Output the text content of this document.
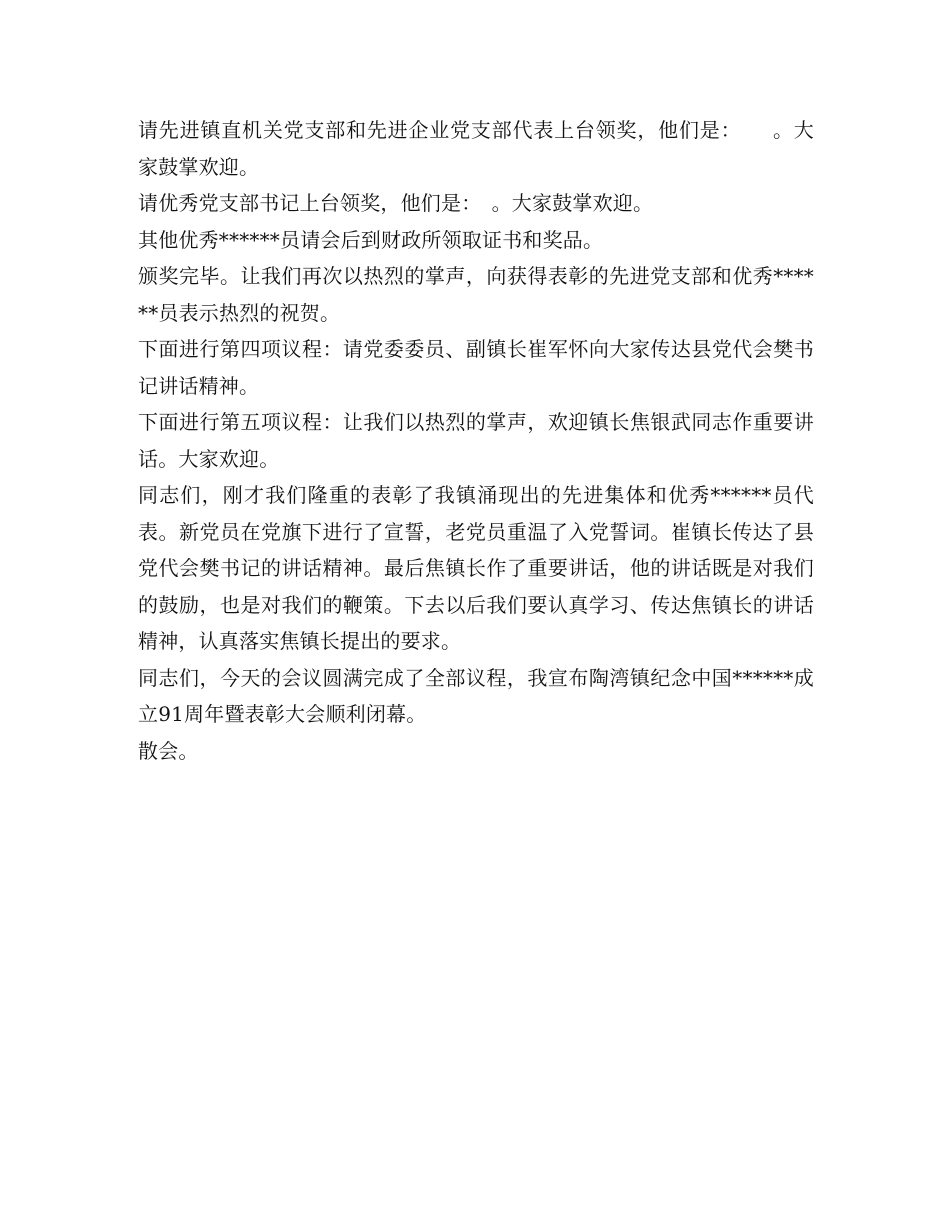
请先进镇直机关党支部和先进企业党支部代表上台领奖，他们是：　　。大家鼓掌欢迎。

请优秀党支部书记上台领奖，他们是：　。大家鼓掌欢迎。

其他优秀******员请会后到财政所领取证书和奖品。

颁奖完毕。让我们再次以热烈的掌声，向获得表彰的先进党支部和优秀******员表示热烈的祝贺。

下面进行第四项议程：请党委委员、副镇长崔军怀向大家传达县党代会樊书记讲话精神。

下面进行第五项议程：让我们以热烈的掌声，欢迎镇长焦银武同志作重要讲话。大家欢迎。

同志们，刚才我们隆重的表彰了我镇涌现出的先进集体和优秀******员代表。新党员在党旗下进行了宣誓，老党员重温了入党誓词。崔镇长传达了县党代会樊书记的讲话精神。最后焦镇长作了重要讲话，他的讲话既是对我们的鼓励，也是对我们的鞭策。下去以后我们要认真学习、传达焦镇长的讲话精神，认真落实焦镇长提出的要求。

同志们，今天的会议圆满完成了全部议程，我宣布陶湾镇纪念中国******成立91周年暨表彰大会顺利闭幕。

散会。
